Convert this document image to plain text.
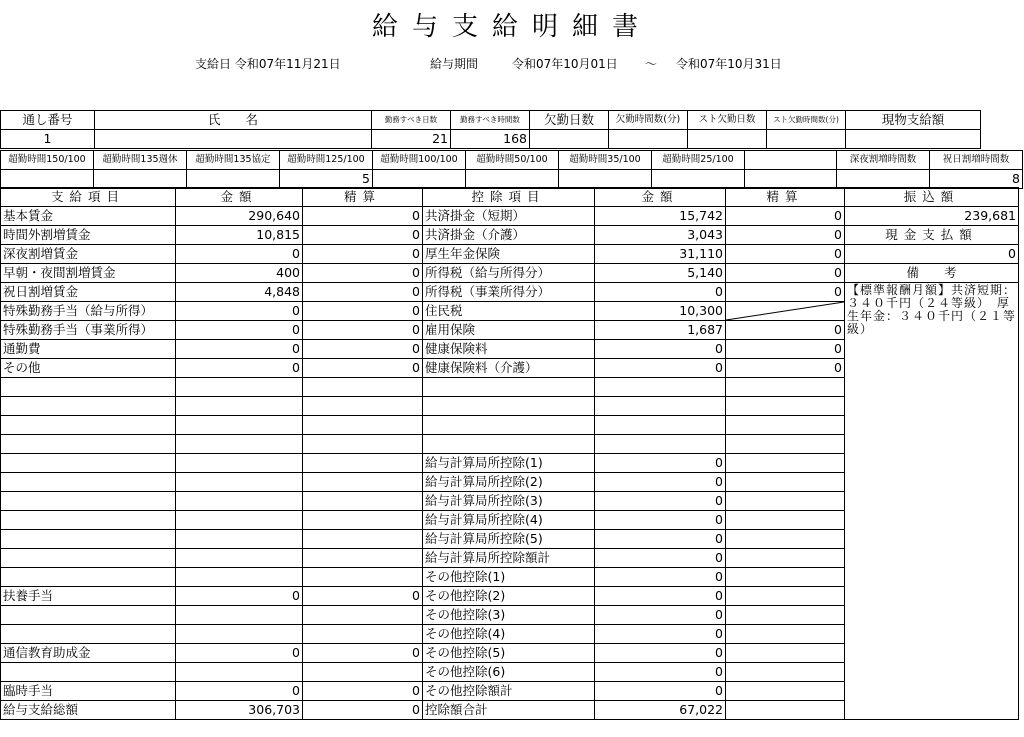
給与支給明細書
支給日 令和07年11月21日	給与期間	令和07年10月01日 ～ 令和07年10月31日
通し番号	氏　　名	勤務すべき日数	勤務すべき時間数	欠勤日数	欠勤時間数(分)	スト欠勤日数	スト欠勤時間数(分)	現物支給額
1		21	168					
超勤時間150/100	超勤時間135週休	超勤時間135協定	超勤時間125/100	超勤時間100/100	超勤時間50/100	超勤時間35/100	超勤時間25/100		深夜割増時間数	祝日割増時間数
			5							8
支給項目	金額	精算	控除項目	金額	精算	振込額
基本賃金	290,640	0	共済掛金（短期）	15,742	0	239,681
時間外割増賃金	10,815	0	共済掛金（介護）	3,043	0	現金支払額
深夜割増賃金	0	0	厚生年金保険	31,110	0	0
早朝・夜間割増賃金	400	0	所得税（給与所得分）	5,140	0	備　　考
祝日割増賃金	4,848	0	所得税（事業所得分）	0	0	【標準報酬月額】共済短期：３４０千円（２４等級）　厚生年金：３４０千円（２１等級）

特殊勤務手当（給与所得）	0	0	住民税	10,300	

特殊勤務手当（事業所得）	0	0	雇用保険	1,687	0	
通勤費	0	0	健康保険料	0	0	
その他	0	0	健康保険料（介護）	0	0	

			給与計算局所控除(1)	0		
			給与計算局所控除(2)	0		
			給与計算局所控除(3)	0		
			給与計算局所控除(4)	0		
			給与計算局所控除(5)	0		
			給与計算局所控除額計	0		
			その他控除(1)	0		
扶養手当	0	0	その他控除(2)	0		
			その他控除(3)	0		
			その他控除(4)	0		
通信教育助成金	0	0	その他控除(5)	0		
			その他控除(6)	0		
臨時手当	0	0	その他控除額計	0		
給与支給総額	306,703	0	控除額合計	67,022		
